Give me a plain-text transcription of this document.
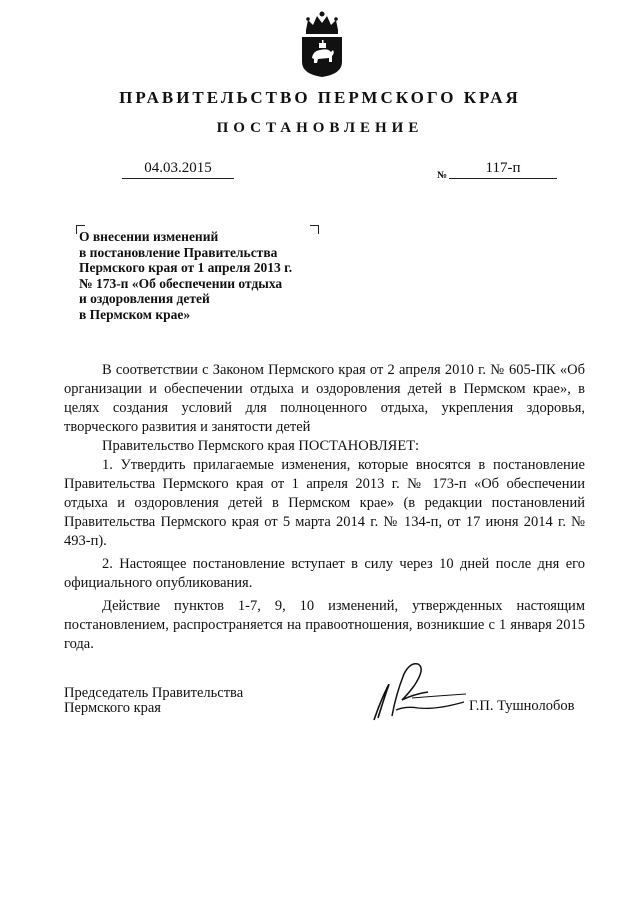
ПРАВИТЕЛЬСТВО ПЕРМСКОГО КРАЯ
ПОСТАНОВЛЕНИЕ
04.03.2015	№	117-п
О внесении изменений
в постановление Правительства
Пермского края от 1 апреля 2013 г.
№ 173-п «Об обеспечении отдыха
и оздоровления детей
в Пермском крае»

В соответствии с Законом Пермского края от 2 апреля 2010 г. № 605-ПК «Об организации и обеспечении отдыха и оздоровления детей в Пермском крае», в целях создания условий для полноценного отдыха, укрепления здоровья, творческого развития и занятости детей

Правительство Пермского края ПОСТАНОВЛЯЕТ:

1. Утвердить прилагаемые изменения, которые вносятся в постановление Правительства Пермского края от 1 апреля 2013 г. № 173-п «Об обеспечении отдыха и оздоровления детей в Пермском крае» (в редакции постановлений Правительства Пермского края от 5 марта 2014 г. № 134-п, от 17 июня 2014 г. № 493-п).

2. Настоящее постановление вступает в силу через 10 дней после дня его официального опубликования.

Действие пунктов 1-7, 9, 10 изменений, утвержденных настоящим постановлением, распространяется на правоотношения, возникшие с 1 января 2015 года.

Председатель Правительства
Пермского края	Г.П. Тушнолобов
